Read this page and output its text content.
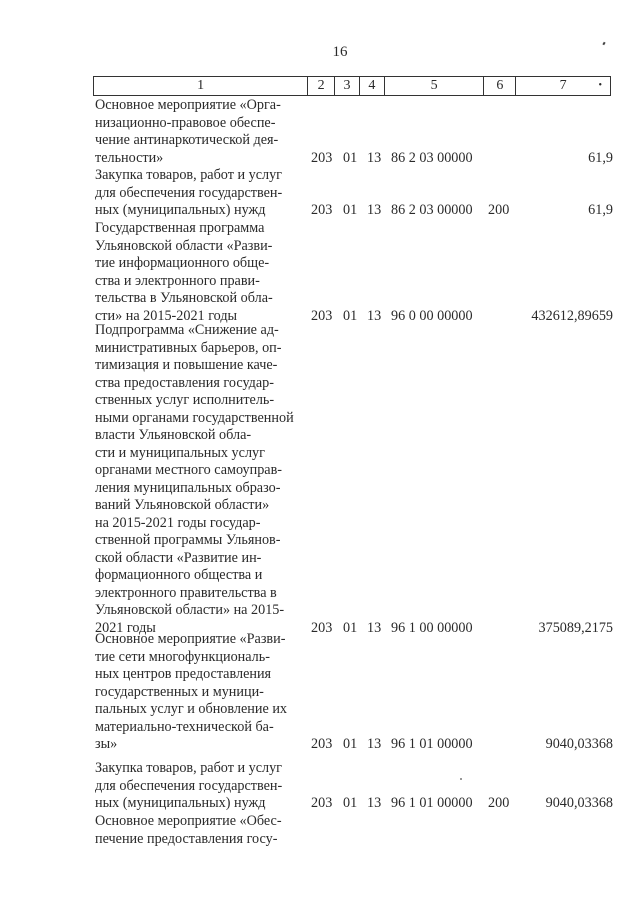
16
1	2	3	4	5	6	7	•
Основное мероприятие «Орга-
низационно-правовое обеспе-
чение антинаркотической дея-
тельности»	203 01 13 86 2 03 00000	61,9
Закупка товаров, работ и услуг
для обеспечения государствен-
ных (муниципальных) нужд	203 01 13 86 2 03 00000	200	61,9
Государственная программа
Ульяновской области «Разви-
тие информационного обще-
ства и электронного прави-
тельства в Ульяновской обла-
сти» на 2015-2021 годы	203 01 13 96 0 00 00000	432612,89659
Подпрограмма «Снижение ад-
министративных барьеров, оп-
тимизация и повышение каче-
ства предоставления государ-
ственных услуг исполнитель-
ными органами государственной
власти Ульяновской обла-
сти и муниципальных услуг
органами местного самоуправ-
ления муниципальных образо-
ваний Ульяновской области»
на 2015-2021 годы государ-
ственной программы Ульянов-
ской области «Развитие ин-
формационного общества и
электронного правительства в
Ульяновской области» на 2015-
2021 годы	203 01 13 96 1 00 00000	375089,2175
Основное мероприятие «Разви-
тие сети многофункциональ-
ных центров предоставления
государственных и муници-
пальных услуг и обновление их
материально-технической ба-
зы»	203 01 13 96 1 01 00000	9040,03368
Закупка товаров, работ и услуг
для обеспечения государствен-
ных (муниципальных) нужд	203 01 13 96 1 01 00000	200	9040,03368
Основное мероприятие «Обес-
печение предоставления госу-
